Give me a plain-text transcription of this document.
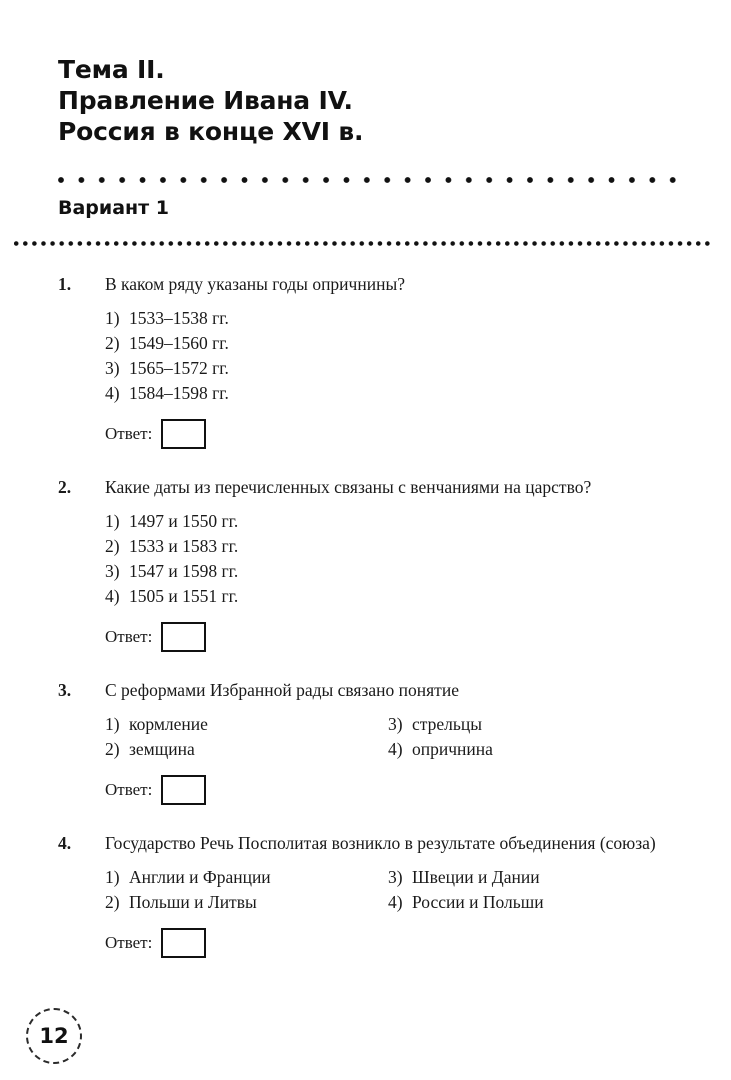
Тема II.
Правление Ивана IV.
Россия в конце XVI в.
Вариант 1
1. В каком ряду указаны годы опричнины?
1) 1533–1538 гг.
2) 1549–1560 гг.
3) 1565–1572 гг.
4) 1584–1598 гг.
Ответ:
2. Какие даты из перечисленных связаны с венчаниями на царство?
1) 1497 и 1550 гг.
2) 1533 и 1583 гг.
3) 1547 и 1598 гг.
4) 1505 и 1551 гг.
Ответ:
3. С реформами Избранной рады связано понятие
1) кормление	3) стрельцы
2) земщина	4) опричнина
Ответ:
4. Государство Речь Посполитая возникло в результате объединения (союза)
1) Англии и Франции	3) Швеции и Дании
2) Польши и Литвы	4) России и Польши
Ответ:
12
